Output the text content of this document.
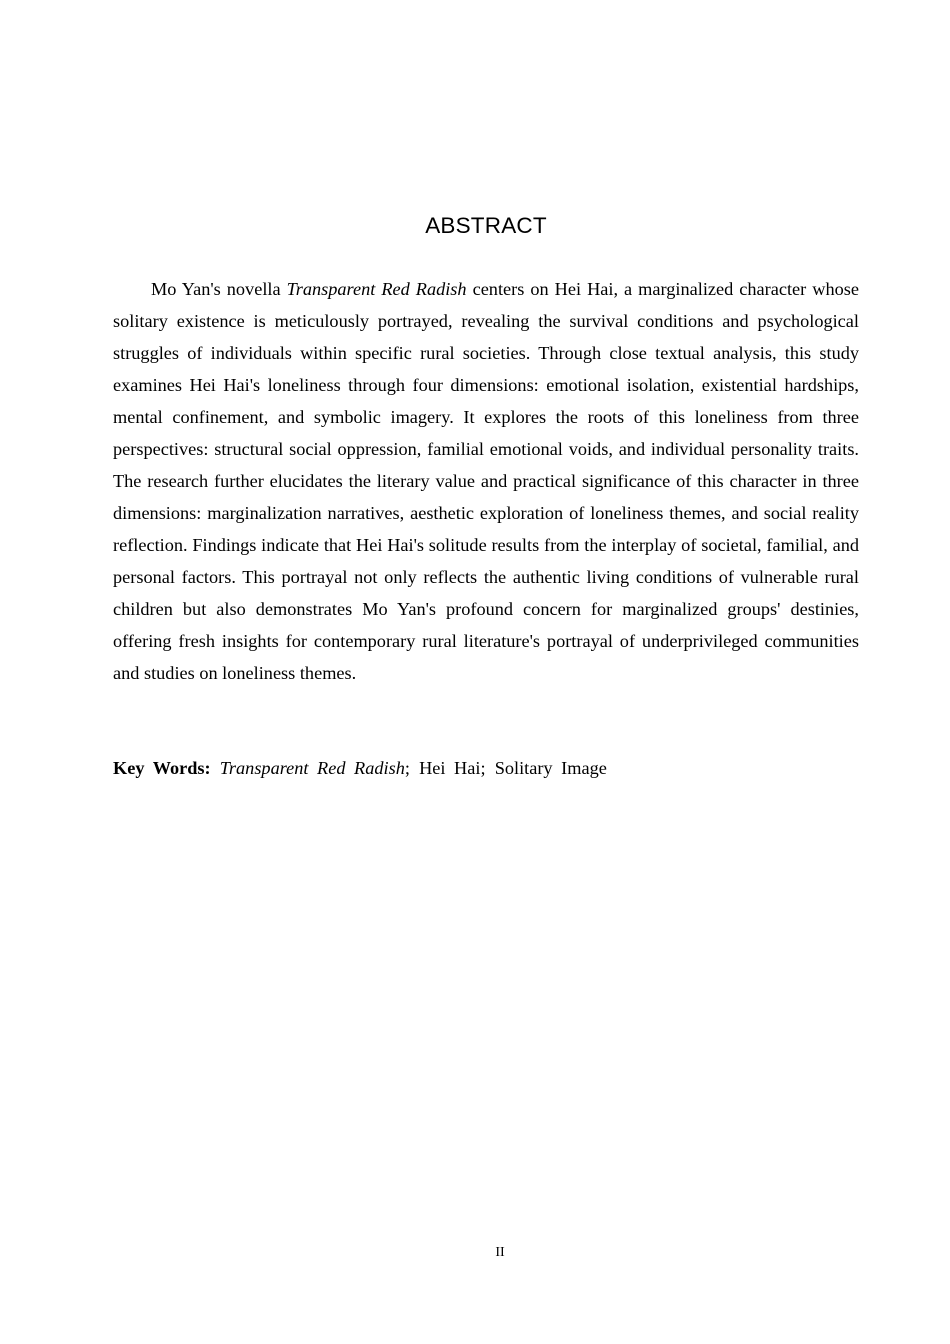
ABSTRACT

Mo Yan's novella Transparent Red Radish centers on Hei Hai, a marginalized character whose solitary existence is meticulously portrayed, revealing the survival conditions and psychological struggles of individuals within specific rural societies. Through close textual analysis, this study examines Hei Hai's loneliness through four dimensions: emotional isolation, existential hardships, mental confinement, and symbolic imagery. It explores the roots of this loneliness from three perspectives: structural social oppression, familial emotional voids, and individual personality traits. The research further elucidates the literary value and practical significance of this character in three dimensions: marginalization narratives, aesthetic exploration of loneliness themes, and social reality reflection. Findings indicate that Hei Hai's solitude results from the interplay of societal, familial, and personal factors. This portrayal not only reflects the authentic living conditions of vulnerable rural children but also demonstrates Mo Yan's profound concern for marginalized groups' destinies, offering fresh insights for contemporary rural literature's portrayal of underprivileged communities and studies on loneliness themes.

Key Words: Transparent Red Radish; Hei Hai; Solitary Image

II
